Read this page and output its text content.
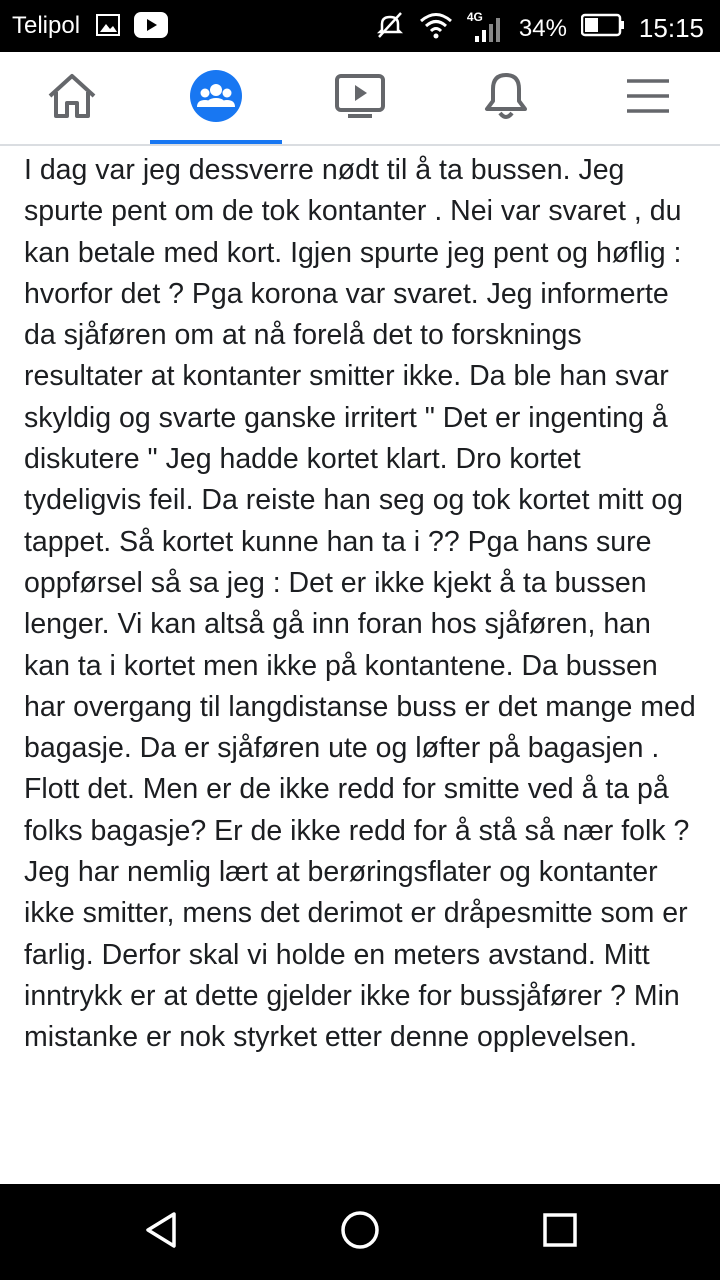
Telipol	4G 34%	15:15

I dag var jeg dessverre nødt til å ta bussen. Jeg spurte pent om de tok kontanter . Nei var svaret , du kan betale med kort. Igjen spurte jeg pent og høflig : hvorfor det ? Pga korona var svaret. Jeg informerte da sjåføren om at nå forelå det to forsknings resultater at kontanter smitter ikke. Da ble han svar skyldig og svarte ganske irritert " Det er ingenting å diskutere " Jeg hadde kortet klart. Dro kortet tydeligvis feil. Da reiste han seg og tok kortet mitt og tappet. Så kortet kunne han ta i ?? Pga hans sure oppførsel så sa jeg : Det er ikke kjekt å ta bussen lenger. Vi kan altså gå inn foran hos sjåføren, han kan ta i kortet men ikke på kontantene. Da bussen har overgang til langdistanse buss er det mange med bagasje. Da er sjåføren ute og løfter på bagasjen . Flott det. Men er de ikke redd for smitte ved å ta på folks bagasje? Er de ikke redd for å stå så nær folk ? Jeg har nemlig lært at berøringsflater og kontanter ikke smitter, mens det derimot er dråpesmitte som er farlig. Derfor skal vi holde en meters avstand. Mitt inntrykk er at dette gjelder ikke for bussjåfører ? Min mistanke er nok styrket etter denne opplevelsen.
